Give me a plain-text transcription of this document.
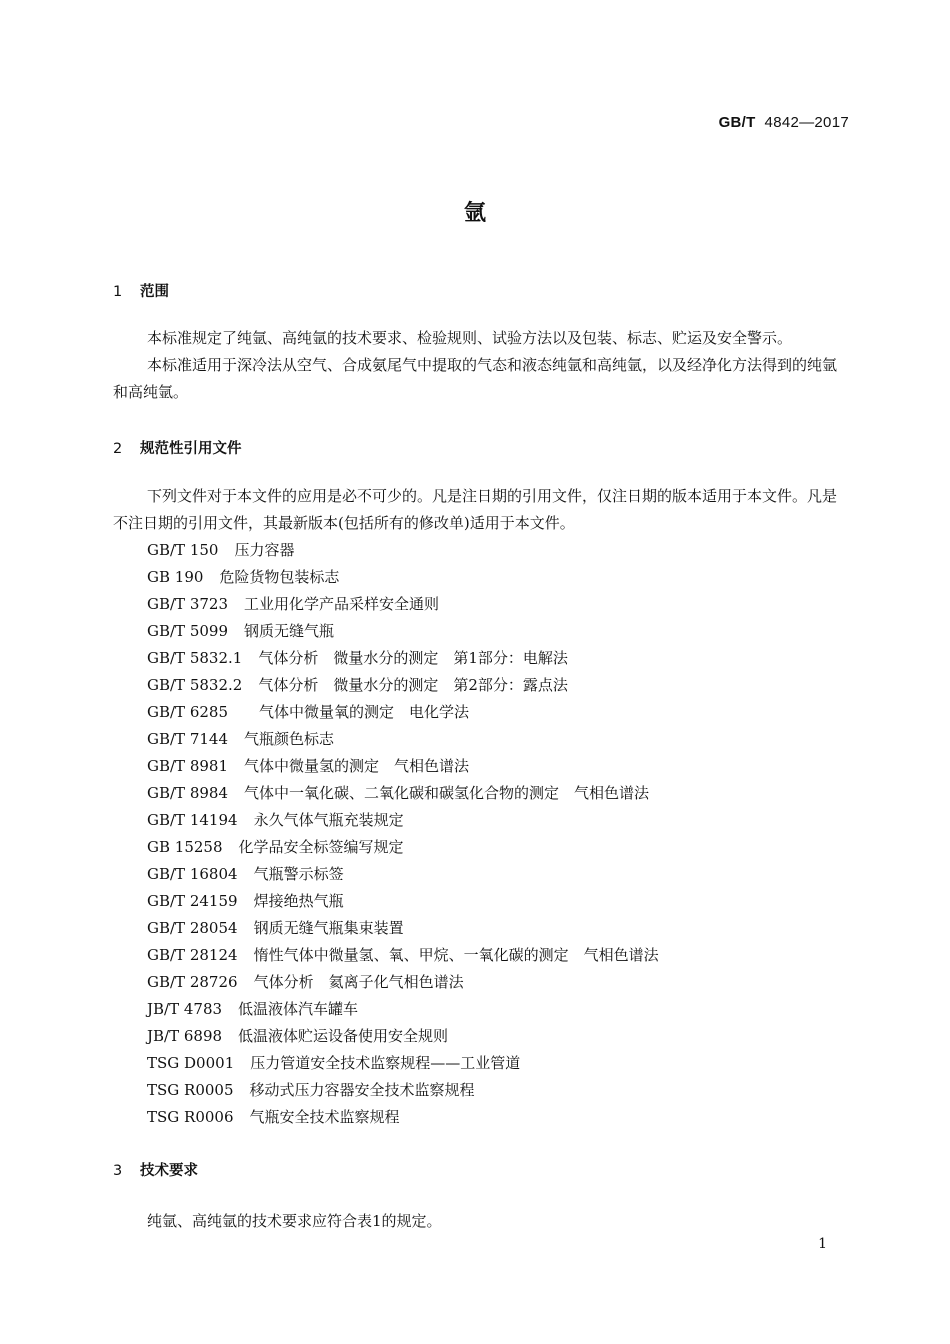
GB/T 4842—2017
氩
1 范围

本标准规定了纯氩、高纯氩的技术要求、检验规则、试验方法以及包装、标志、贮运及安全警示。

本标准适用于深冷法从空气、合成氨尾气中提取的气态和液态纯氩和高纯氩，以及经净化方法得到的纯氩和高纯氩。

2 规范性引用文件

下列文件对于本文件的应用是必不可少的。凡是注日期的引用文件，仅注日期的版本适用于本文件。凡是不注日期的引用文件，其最新版本(包括所有的修改单)适用于本文件。

GB/T 150 压力容器
GB 190 危险货物包装标志
GB/T 3723 工业用化学产品采样安全通则
GB/T 5099 钢质无缝气瓶
GB/T 5832.1 气体分析　微量水分的测定　第1部分：电解法
GB/T 5832.2 气体分析　微量水分的测定　第2部分：露点法
GB/T 6285　气体中微量氧的测定　电化学法
GB/T 7144 气瓶颜色标志
GB/T 8981 气体中微量氢的测定　气相色谱法
GB/T 8984 气体中一氧化碳、二氧化碳和碳氢化合物的测定　气相色谱法
GB/T 14194 永久气体气瓶充装规定
GB 15258 化学品安全标签编写规定
GB/T 16804 气瓶警示标签
GB/T 24159 焊接绝热气瓶
GB/T 28054 钢质无缝气瓶集束装置
GB/T 28124 惰性气体中微量氢、氧、甲烷、一氧化碳的测定　气相色谱法
GB/T 28726 气体分析　氦离子化气相色谱法
JB/T 4783 低温液体汽车罐车
JB/T 6898 低温液体贮运设备使用安全规则
TSG D0001 压力管道安全技术监察规程——工业管道
TSG R0005 移动式压力容器安全技术监察规程
TSG R0006 气瓶安全技术监察规程
3 技术要求

纯氩、高纯氩的技术要求应符合表1的规定。

1
